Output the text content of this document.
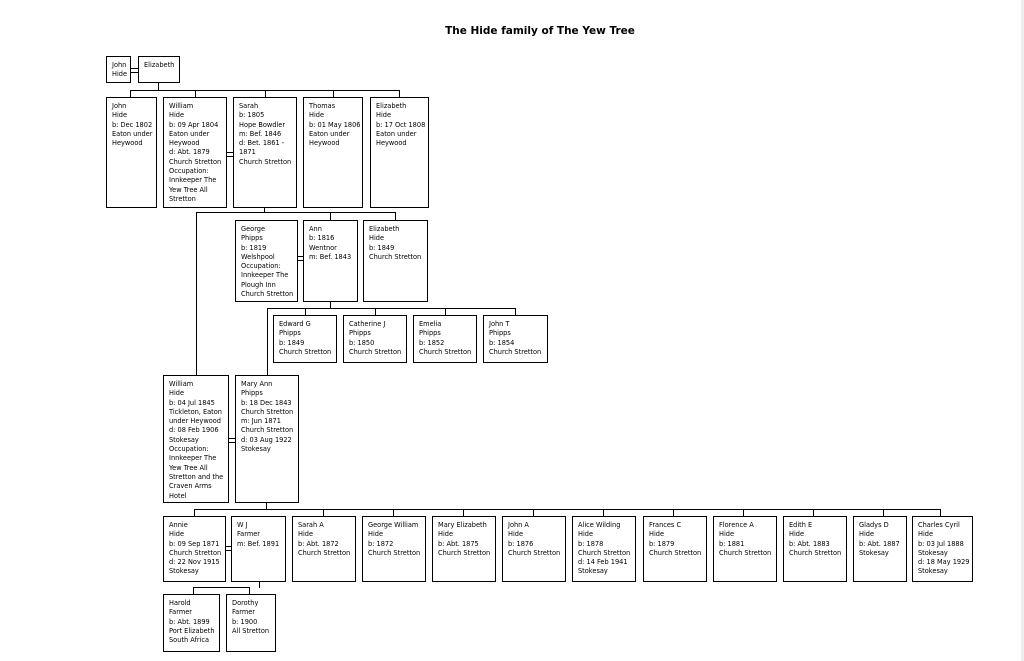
The Hide family of The Yew Tree
John
Hide
Elizabeth
John
Hide
b: Dec 1802
Eaton under
Heywood
William
Hide
b: 09 Apr 1804
Eaton under
Heywood
d: Abt. 1879
Church Stretton
Occupation:
Innkeeper The
Yew Tree All
Stretton
Sarah
b: 1805
Hope Bowdler
m: Bef. 1846
d: Bet. 1861 -
1871
Church Stretton
Thomas
Hide
b: 01 May 1806
Eaton under
Heywood
Elizabeth
Hide
b: 17 Oct 1808
Eaton under
Heywood
George
Phipps
b: 1819
Welshpool
Occupation:
Innkeeper The
Plough Inn
Church Stretton
Ann
b: 1816
Wentnor
m: Bef. 1843
Elizabeth
Hide
b: 1849
Church Stretton
Edward G
Phipps
b: 1849
Church Stretton
Catherine J
Phipps
b: 1850
Church Stretton
Emelia
Phipps
b: 1852
Church Stretton
John T
Phipps
b: 1854
Church Stretton
William
Hide
b: 04 Jul 1845
Tickleton, Eaton
under Heywood
d: 08 Feb 1906
Stokesay
Occupation:
Innkeeper The
Yew Tree All
Stretton and the
Craven Arms
Hotel
Mary Ann
Phipps
b: 18 Dec 1843
Church Stretton
m: Jun 1871
Church Stretton
d: 03 Aug 1922
Stokesay
Annie
Hide
b: 09 Sep 1871
Church Stretton
d: 22 Nov 1915
Stokesay
W J
Farmer
m: Bef. 1891
Sarah A
Hide
b: Abt. 1872
Church Stretton
George William
Hide
b: 1872
Church Stretton
Mary Elizabeth
Hide
b: Abt. 1875
Church Stretton
John A
Hide
b: 1876
Church Stretton
Alice Wilding
Hide
b: 1878
Church Stretton
d: 14 Feb 1941
Stokesay
Frances C
Hide
b: 1879
Church Stretton
Florence A
Hide
b: 1881
Church Stretton
Edith E
Hide
b: Abt. 1883
Church Stretton
Gladys D
Hide
b: Abt. 1887
Stokesay
Charles Cyril
Hide
b: 03 Jul 1888
Stokesay
d: 18 May 1929
Stokesay
Harold
Farmer
b: Abt. 1899
Port Elizabeth
South Africa
Dorothy
Farmer
b: 1900
All Stretton
